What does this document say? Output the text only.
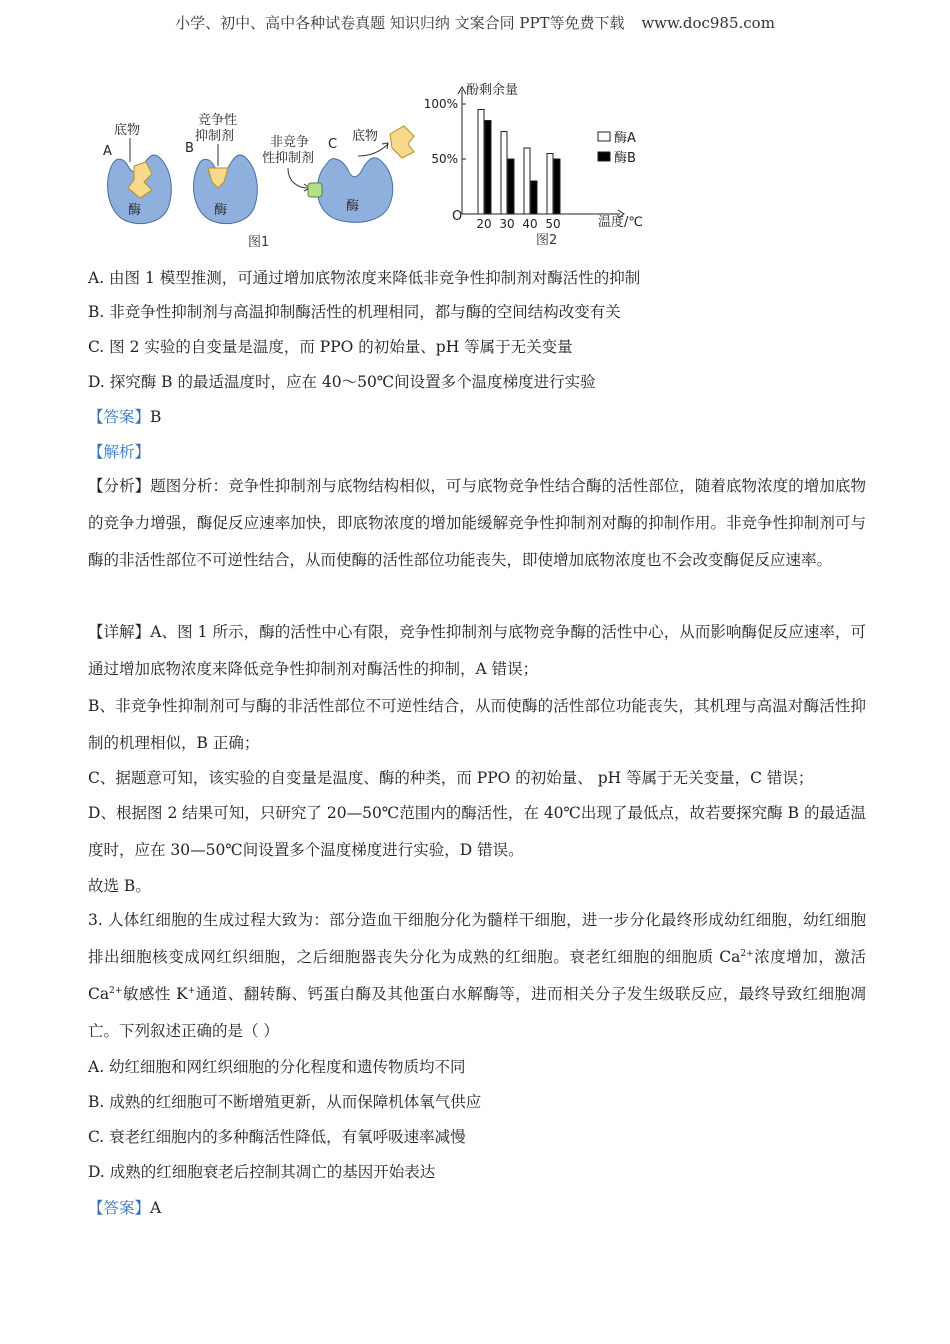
小学、初中、高中各种试卷真题 知识归纳 文案合同 PPT等免费下载 www.doc985.com
底物
A
酶
竞争性
抑制剂
B
酶
非竞争
性抑制剂
C
底物
酶
图1
酚剩余量
O	温度/℃
图2
100%
50%
20 30 40 50
酶A
酶B
A. 由图 1 模型推测，可通过增加底物浓度来降低非竞争性抑制剂对酶活性的抑制
B. 非竞争性抑制剂与高温抑制酶活性的机理相同，都与酶的空间结构改变有关
C. 图 2 实验的自变量是温度，而 PPO 的初始量、pH 等属于无关变量
D. 探究酶 B 的最适温度时，应在 40～50℃间设置多个温度梯度进行实验
【答案】B
【解析】
【分析】题图分析：竞争性抑制剂与底物结构相似，可与底物竞争性结合酶的活性部位，随着底物浓度的增加底物的竞争力增强，酶促反应速率加快，即底物浓度的增加能缓解竞争性抑制剂对酶的抑制作用。非竞争性抑制剂可与酶的非活性部位不可逆性结合，从而使酶的活性部位功能丧失，即使增加底物浓度也不会改变酶促反应速率。
【详解】A、图 1 所示，酶的活性中心有限，竞争性抑制剂与底物竞争酶的活性中心，从而影响酶促反应速率，可通过增加底物浓度来降低竞争性抑制剂对酶活性的抑制，A 错误；
B、非竞争性抑制剂可与酶的非活性部位不可逆性结合，从而使酶的活性部位功能丧失，其机理与高温对酶活性抑制的机理相似，B 正确；
C、据题意可知，该实验的自变量是温度、酶的种类，而 PPO 的初始量、 pH 等属于无关变量，C 错误；
D、根据图 2 结果可知，只研究了 20—50℃范围内的酶活性，在 40℃出现了最低点，故若要探究酶 B 的最适温度时，应在 30—50℃间设置多个温度梯度进行实验，D 错误。
故选 B。
3. 人体红细胞的生成过程大致为：部分造血干细胞分化为髓样干细胞，进一步分化最终形成幼红细胞，幼红细胞排出细胞核变成网红织细胞，之后细胞器丧失分化为成熟的红细胞。衰老红细胞的细胞质 $Ca^{2+}$浓度增加，激活 $Ca^{2+}$敏感性 K+通道、翻转酶、钙蛋白酶及其他蛋白水解酶等，进而相关分子发生级联反应，最终导致红细胞凋亡。下列叙述正确的是（ ）
A. 幼红细胞和网红织细胞的分化程度和遗传物质均不同
B. 成熟的红细胞可不断增殖更新，从而保障机体氧气供应
C. 衰老红细胞内的多种酶活性降低，有氧呼吸速率减慢
D. 成熟的红细胞衰老后控制其凋亡的基因开始表达
【答案】A
